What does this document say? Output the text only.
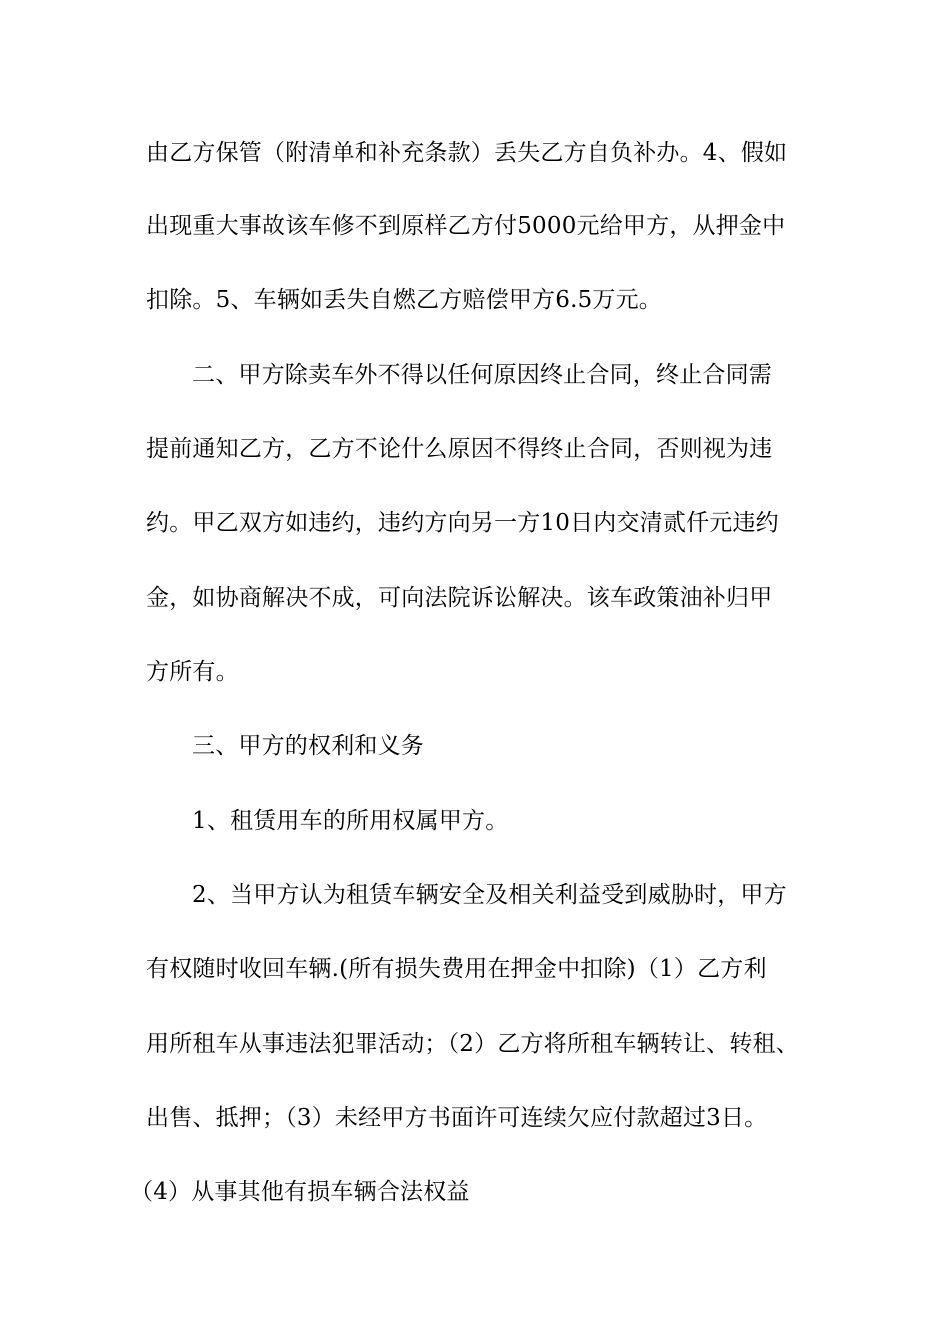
由乙方保管（附清单和补充条款）丢失乙方自负补办。4、假如
出现重大事故该车修不到原样乙方付5000元给甲方，从押金中
扣除。5、车辆如丢失自燃乙方赔偿甲方6.5万元。
二、甲方除卖车外不得以任何原因终止合同，终止合同需
提前通知乙方，乙方不论什么原因不得终止合同，否则视为违
约。甲乙双方如违约，违约方向另一方10日内交清贰仟元违约
金，如协商解决不成，可向法院诉讼解决。该车政策油补归甲
方所有。
三、甲方的权利和义务
1、租赁用车的所用权属甲方。
2、当甲方认为租赁车辆安全及相关利益受到威胁时，甲方
有权随时收回车辆.(所有损失费用在押金中扣除)（1）乙方利
用所租车从事违法犯罪活动；（2）乙方将所租车辆转让、转租、
出售、抵押；（3）未经甲方书面许可连续欠应付款超过3日。
（4）从事其他有损车辆合法权益
